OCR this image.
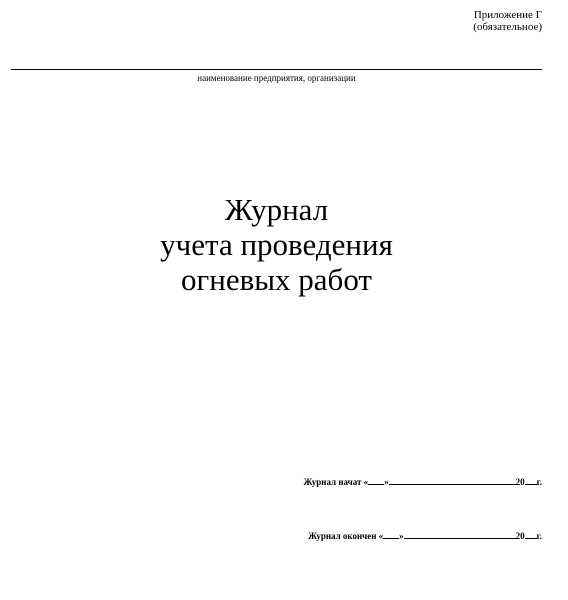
Приложение Г
(обязательное)
наименование предприятия, организации
Журнал
учета проведения
огневых работ
Журнал начат « »	20 г.
Журнал окончен « »	20 г.
